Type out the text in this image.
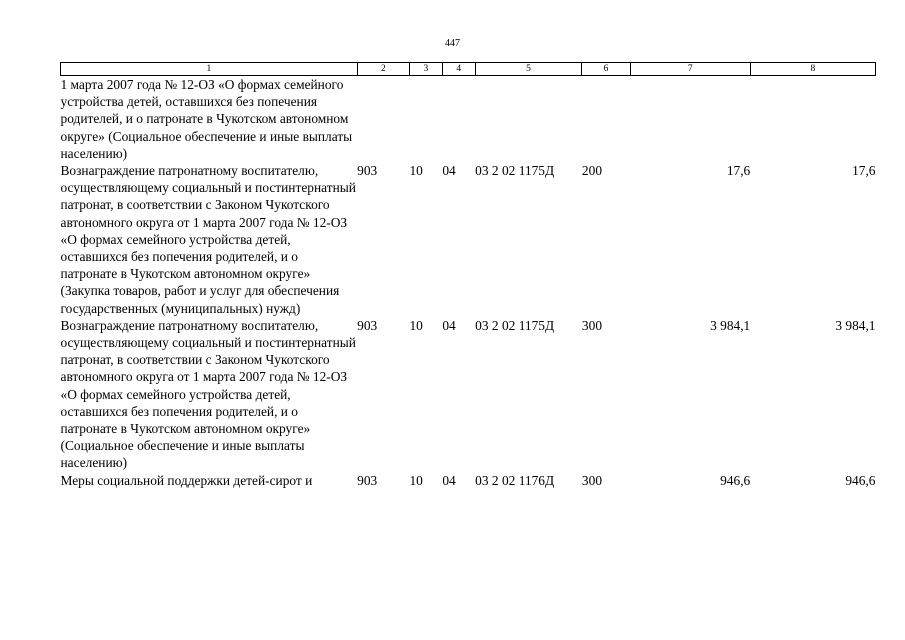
447
1	2	3	4	5	6	7	8
1 марта 2007 года № 12-ОЗ «О формах семейного устройства детей, оставшихся без попечения родителей, и о патронате в Чукотском автономном округе» (Социальное обеспечение и иные выплаты населению)							
Вознаграждение патронатному воспитателю, осуществляющему социальный и постинтернатный патронат, в соответствии с Законом Чукотского автономного округа от 1 марта 2007 года № 12-ОЗ «О формах семейного устройства детей, оставшихся без попечения родителей, и о патронате в Чукотском автономном округе» (Закупка товаров, работ и услуг для обеспечения государственных (муниципальных) нужд)	903	10	04	03 2 02 1175Д	200	17,6	17,6
Вознаграждение патронатному воспитателю, осуществляющему социальный и постинтернатный патронат, в соответствии с Законом Чукотского автономного округа от 1 марта 2007 года № 12-ОЗ «О формах семейного устройства детей, оставшихся без попечения родителей, и о патронате в Чукотском автономном округе» (Социальное обеспечение и иные выплаты населению)	903	10	04	03 2 02 1175Д	300	3 984,1	3 984,1
Меры социальной поддержки детей-сирот и	903	10	04	03 2 02 1176Д	300	946,6	946,6
